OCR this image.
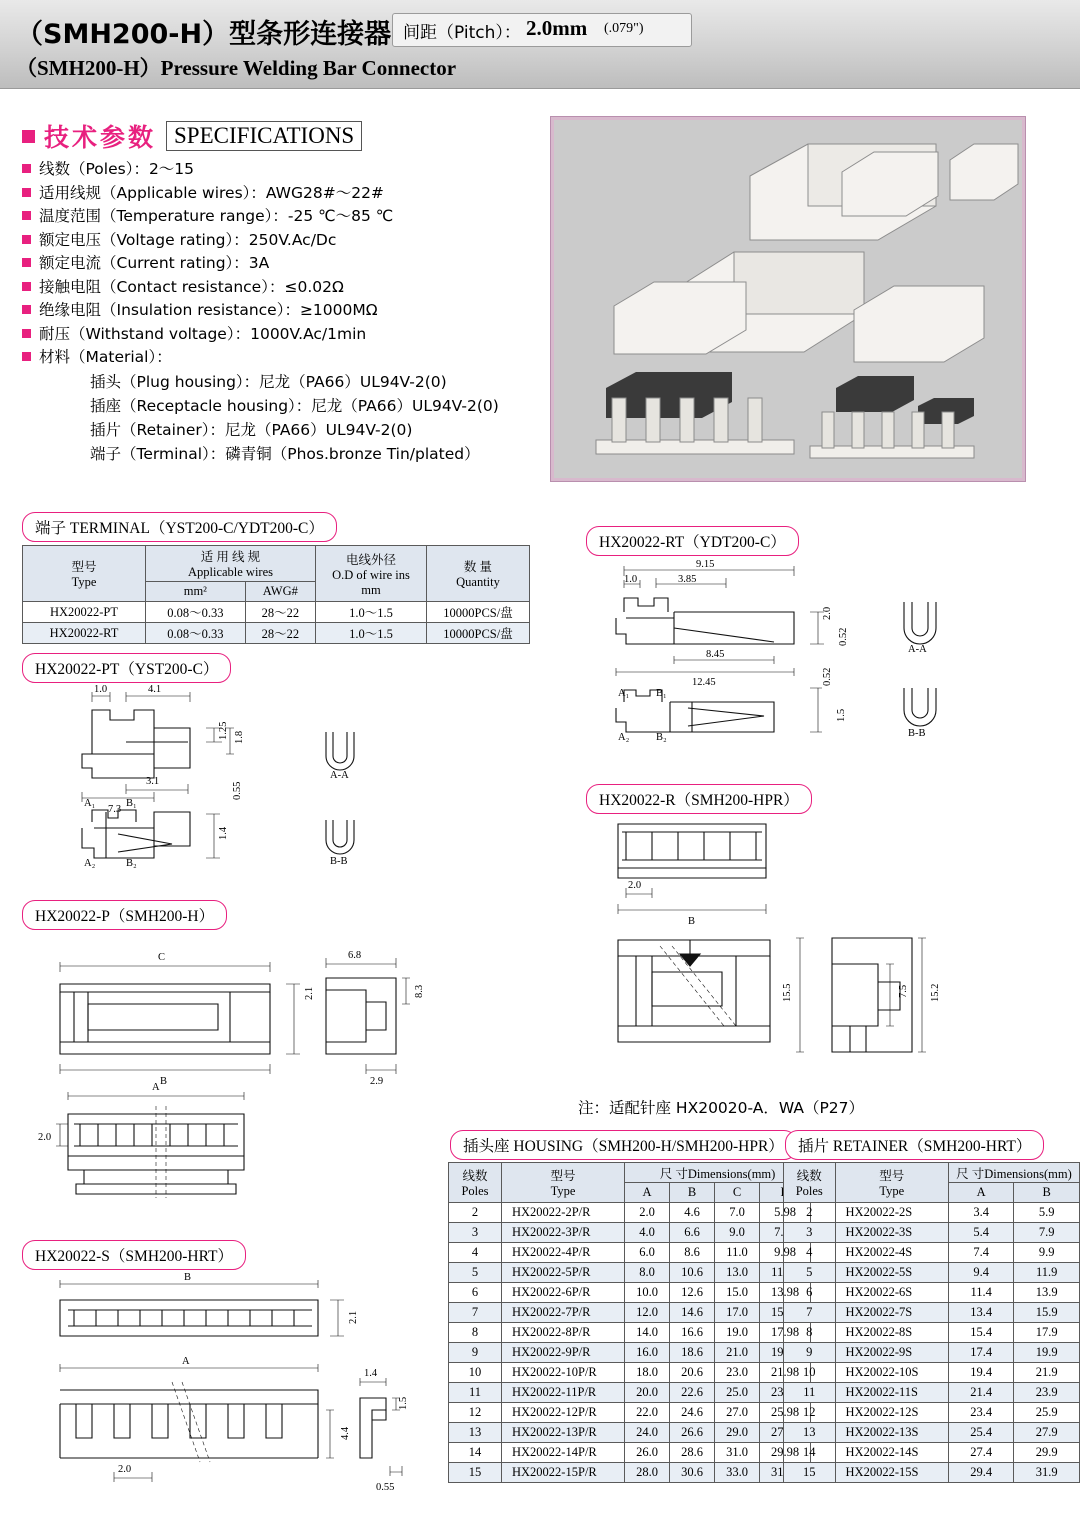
（SMH200-H）型条形连接器 间距（Pitch）： 2.0mm (.079")
（SMH200-H）Pressure Welding Bar Connector
技术参数 SPECIFICATIONS
线数（Poles）：2～15
适用线规（Applicable wires）：AWG28#～22#
温度范围（Temperature range）：-25 ℃～85 ℃
额定电压（Voltage rating）：250V.Ac/Dc
额定电流（Current rating）：3A
接触电阻（Contact resistance）：≤0.02Ω
绝缘电阻（Insulation resistance）：≥1000MΩ
耐压（Withstand voltage）：1000V.Ac/1min
材料（Material）：
插头（Plug housing）：尼龙（PA66）UL94V-2(0)
插座（Receptacle housing）：尼龙（PA66）UL94V-2(0)
插片（Retainer）：尼龙（PA66）UL94V-2(0)
端子（Terminal）：磷青铜（Phos.bronze Tin/plated）
端子 TERMINAL（YST200-C/YDT200-C）
型号
Type

适 用 线 规
Applicable wires

电线外径
O.D of wire ins
mm

数 量
Quantity

	mm²	AWG#		
HX20022-PT	0.08～0.33	28～22	1.0～1.5	10000PCS/盘
HX20022-RT	0.08～0.33	28～22	1.0～1.5	10000PCS/盘
HX20022-PT（YST200-C）
1.0	4.1
1.25 1.8
3.1
0.55
7.3
1.4
A-A
B-B
A₁	B₁
A₂	B₂
HX20022-RT（YDT200-C）
1.0
9.15
3.85
2.0
0.52
8.45
12.45	0.52
1.5
A-A
B-B
A₁	B₁
A₂	B₂
HX20022-P（SMH200-H）
C	6.8
2.1	8.3
B	2.9
A
2.0
HX20022-R（SMH200-HPR）
2.0
B
15.2
15.5	7.5
注：适配针座 HX20020-A．WA（P27）
HX20022-S（SMH200-HRT）
B
2.1
A
1.4
1.5
4.4
2.0
0.55
插头座 HOUSING（SMH200-H/SMH200-HPR）
线数
Poles

型号
Type
	尺 寸Dimensions(mm)
		A	B	C	D
2	HX20022-2P/R	2.0	4.6	7.0	5.98
3	HX20022-3P/R	4.0	6.6	9.0	7.98
4	HX20022-4P/R	6.0	8.6	11.0	9.98
5	HX20022-5P/R	8.0	10.6	13.0	11.98
6	HX20022-6P/R	10.0	12.6	15.0	13.98
7	HX20022-7P/R	12.0	14.6	17.0	15.98
8	HX20022-8P/R	14.0	16.6	19.0	17.98
9	HX20022-9P/R	16.0	18.6	21.0	19.98
10	HX20022-10P/R	18.0	20.6	23.0	21.98
11	HX20022-11P/R	20.0	22.6	25.0	23.98
12	HX20022-12P/R	22.0	24.6	27.0	25.98
13	HX20022-13P/R	24.0	26.6	29.0	27.98
14	HX20022-14P/R	26.0	28.6	31.0	29.98
15	HX20022-15P/R	28.0	30.6	33.0	31.98
插片 RETAINER（SMH200-HRT）
线数
Poles

型号
Type
	尺 寸Dimensions(mm)
		A	B
2	HX20022-2S	3.4	5.9
3	HX20022-3S	5.4	7.9
4	HX20022-4S	7.4	9.9
5	HX20022-5S	9.4	11.9
6	HX20022-6S	11.4	13.9
7	HX20022-7S	13.4	15.9
8	HX20022-8S	15.4	17.9
9	HX20022-9S	17.4	19.9
10	HX20022-10S	19.4	21.9
11	HX20022-11S	21.4	23.9
12	HX20022-12S	23.4	25.9
13	HX20022-13S	25.4	27.9
14	HX20022-14S	27.4	29.9
15	HX20022-15S	29.4	31.9
